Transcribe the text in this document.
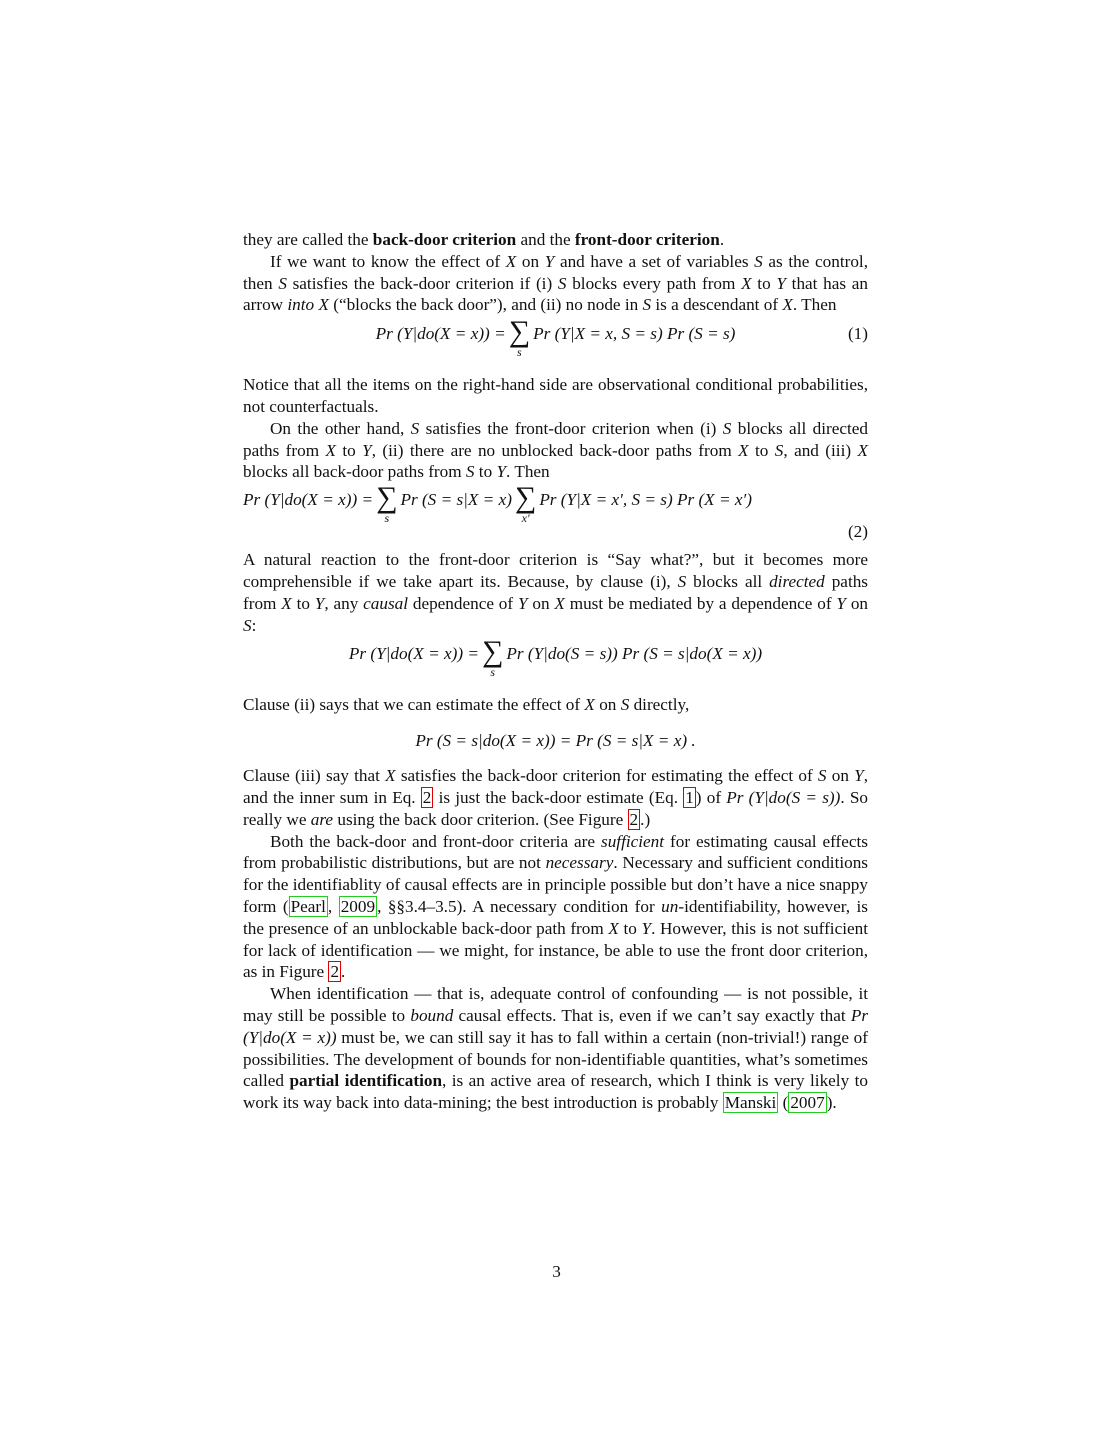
they are called the back-door criterion and the front-door criterion.

If we want to know the effect of X on Y and have a set of variables S as the control, then S satisfies the back-door criterion if (i) S blocks every path from X to Y that has an arrow into X (“blocks the back door”), and (ii) no node in S is a descendant of X. Then

Pr (Y|do(X = x)) = ∑
s
Pr (Y|X = x, S = s) Pr (S = s)	(1)

Notice that all the items on the right-hand side are observational conditional probabilities, not counterfactuals.

On the other hand, S satisfies the front-door criterion when (i) S blocks all directed paths from X to Y, (ii) there are no unblocked back-door paths from X to S, and (iii) X blocks all back-door paths from S to Y. Then

Pr (Y|do(X = x)) = ∑
s
Pr (S = s|X = x) ∑
x′
Pr (Y|X = x′, S = s) Pr (X = x′)
(2)

A natural reaction to the front-door criterion is “Say what?”, but it becomes more comprehensible if we take apart its. Because, by clause (i), S blocks all directed paths from X to Y, any causal dependence of Y on X must be mediated by a dependence of Y on S:

Pr (Y|do(X = x)) = ∑
s
Pr (Y|do(S = s)) Pr (S = s|do(X = x))

Clause (ii) says that we can estimate the effect of X on S directly,

Pr (S = s|do(X = x)) = Pr (S = s|X = x) .

Clause (iii) say that X satisfies the back-door criterion for estimating the effect of S on Y, and the inner sum in Eq. 2 is just the back-door estimate (Eq. 1 ) of Pr (Y|do(S = s)). So really we are using the back door criterion. (See Figure 2 .)

Both the back-door and front-door criteria are sufficient for estimating causal effects from probabilistic distributions, but are not necessary. Necessary and sufficient conditions for the identifiablity of causal effects are in principle possible but don’t have a nice snappy form ( Pearl , 2009 , §§3.4–3.5). A necessary condition for un-identifiability, however, is the presence of an unblockable back-door path from X to Y. However, this is not sufficient for lack of identification — we might, for instance, be able to use the front door criterion, as in Figure 2 .

When identification — that is, adequate control of confounding — is not possible, it may still be possible to bound causal effects. That is, even if we can’t say exactly that Pr (Y|do(X = x)) must be, we can still say it has to fall within a certain (non-trivial!) range of possibilities. The development of bounds for non-identifiable quantities, what’s sometimes called partial identification, is an active area of research, which I think is very likely to work its way back into data-mining; the best introduction is probably Manski ( 2007 ).

3
